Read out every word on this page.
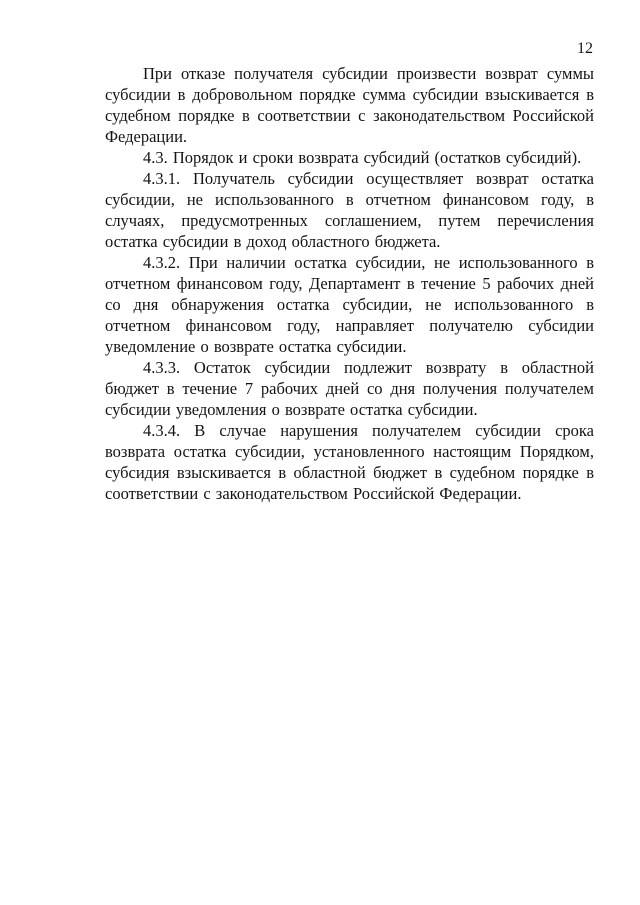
12

При отказе получателя субсидии произвести возврат суммы субсидии в добровольном порядке сумма субсидии взыскивается в судебном порядке в соответствии с законодательством Российской Федерации.

4.3. Порядок и сроки возврата субсидий (остатков субсидий).

4.3.1. Получатель субсидии осуществляет возврат остатка субсидии, не использованного в отчетном финансовом году, в случаях, предусмотренных соглашением, путем перечисления остатка субсидии в доход областного бюджета.

4.3.2. При наличии остатка субсидии, не использованного в отчетном финансовом году, Департамент в течение 5 рабочих дней со дня обнаружения остатка субсидии, не использованного в отчетном финансовом году, направляет получателю субсидии уведомление о возврате остатка субсидии.

4.3.3. Остаток субсидии подлежит возврату в областной бюджет в течение 7 рабочих дней со дня получения получателем субсидии уведомления о возврате остатка субсидии.

4.3.4. В случае нарушения получателем субсидии срока возврата остатка субсидии, установленного настоящим Порядком, субсидия взыскивается в областной бюджет в судебном порядке в соответствии с законодательством Российской Федерации.
